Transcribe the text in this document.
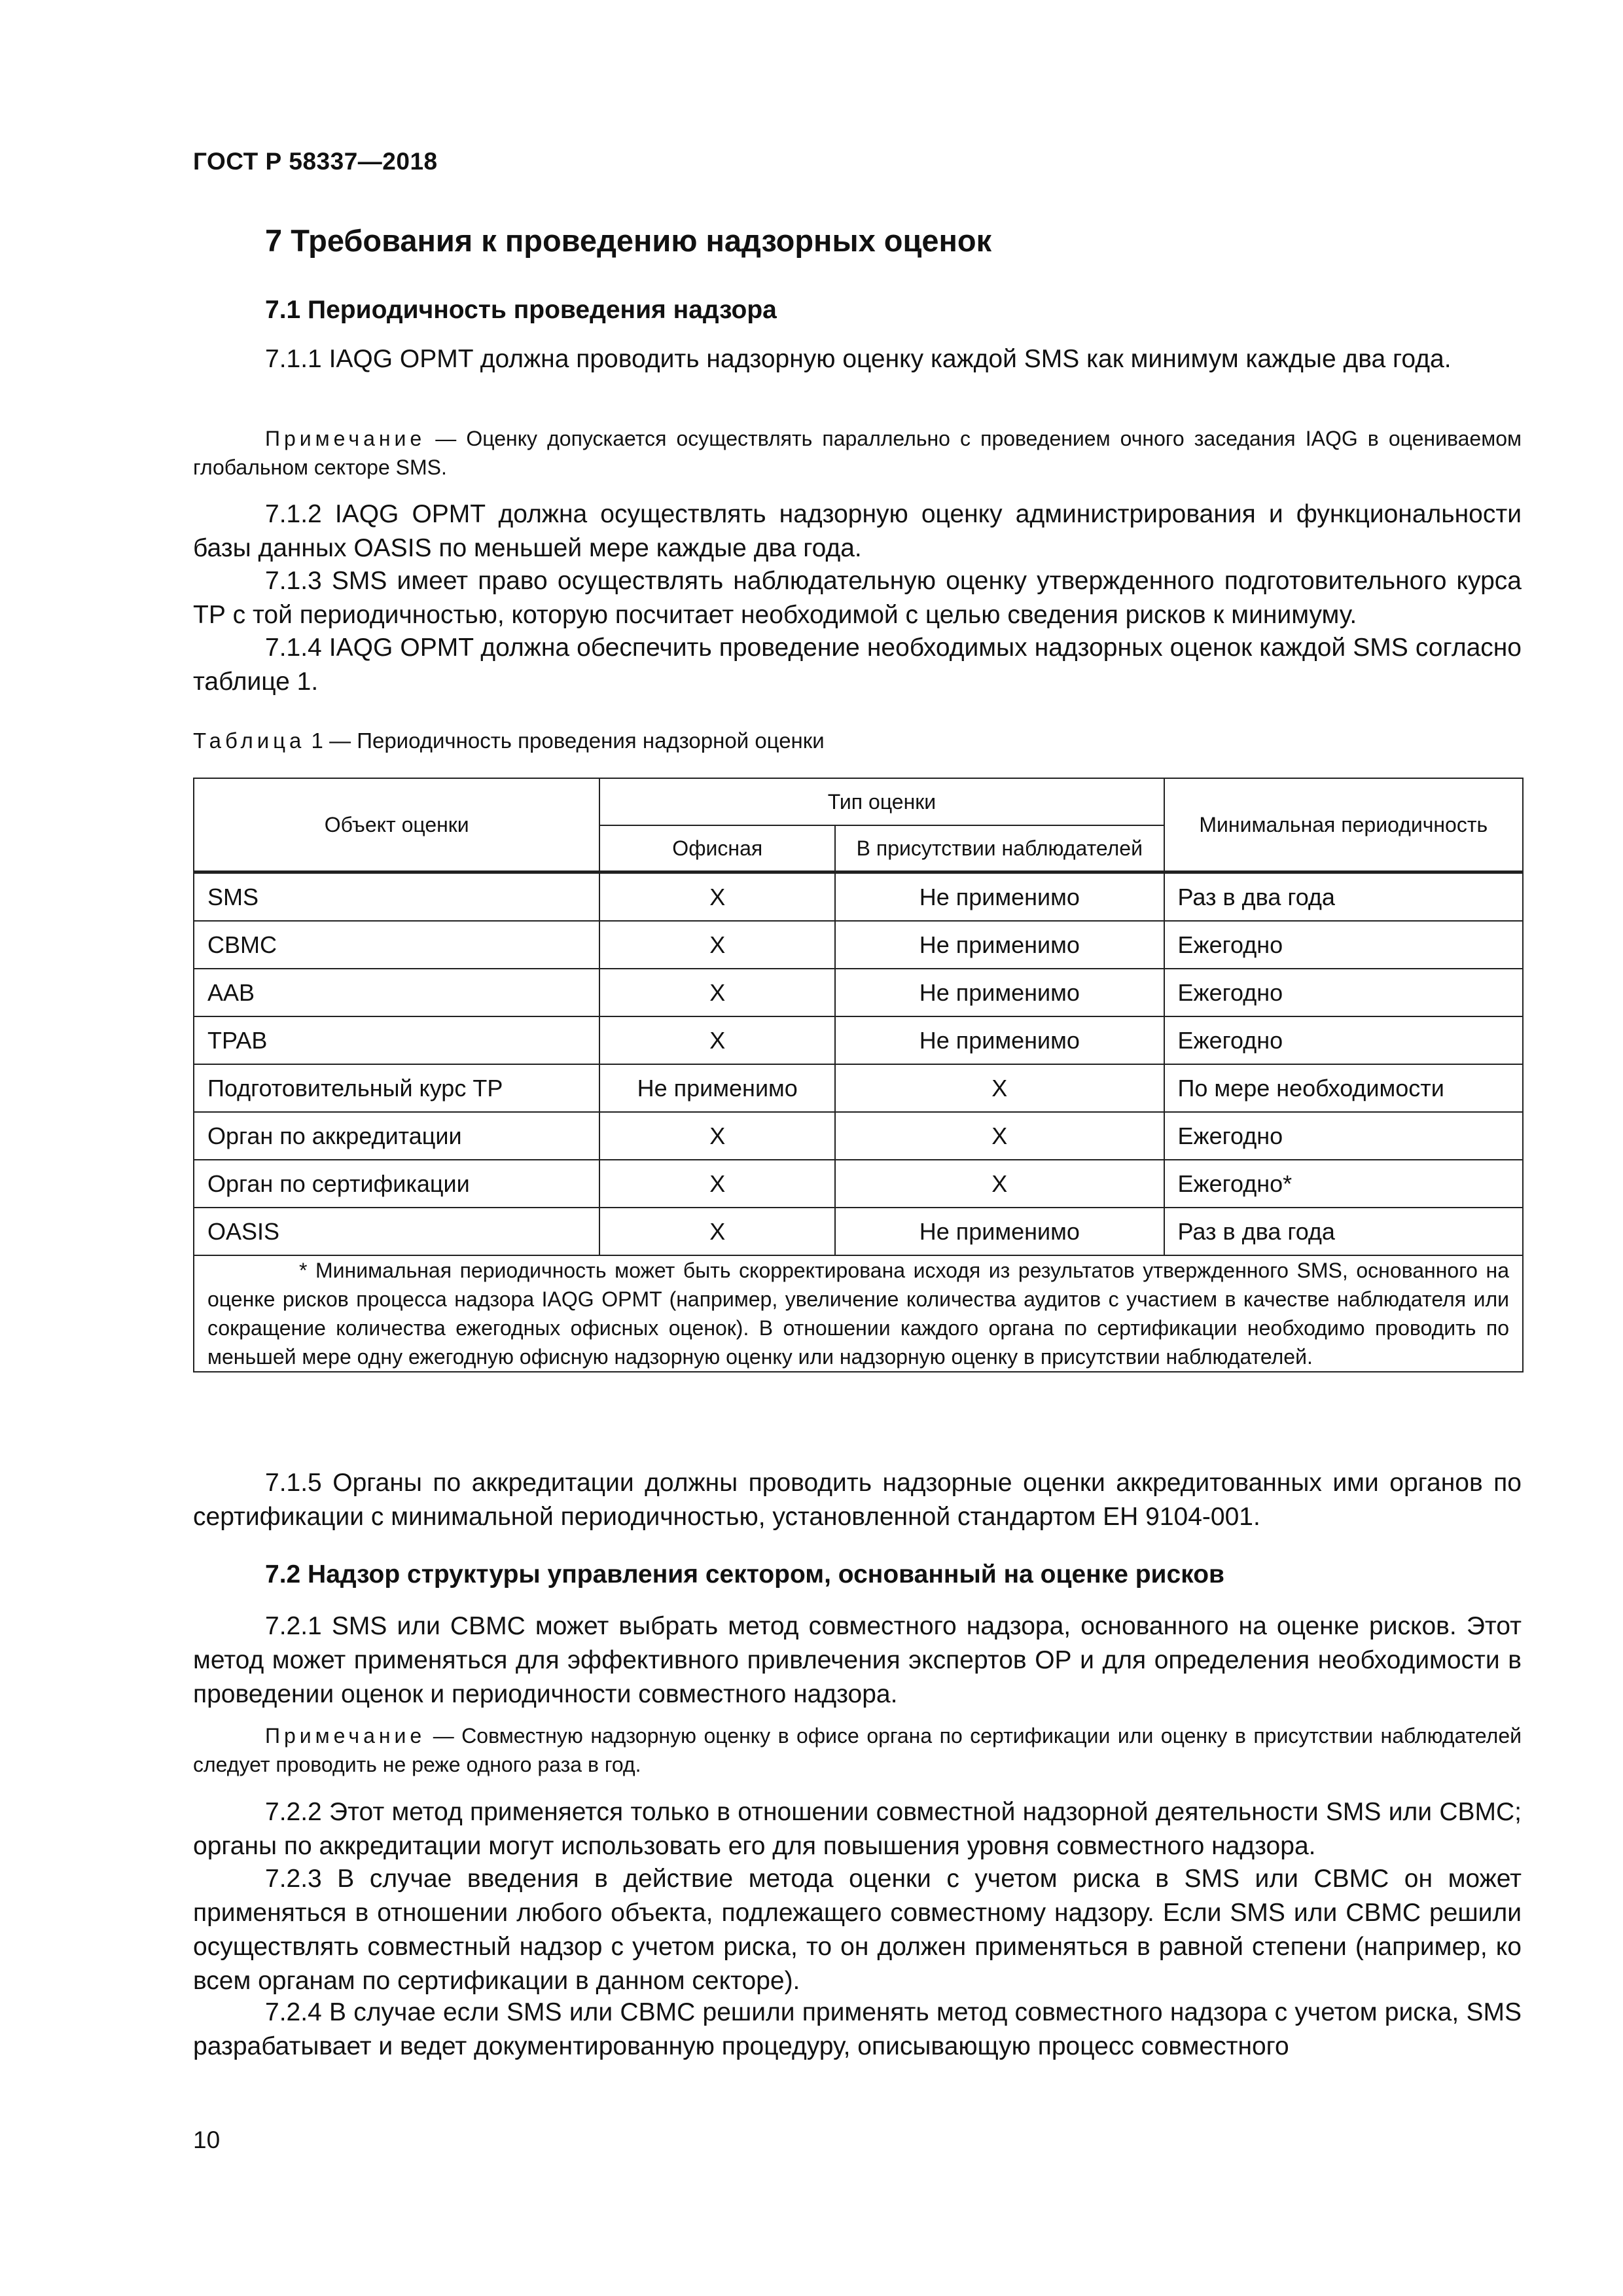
ГОСТ Р 58337—2018
7 Требования к проведению надзорных оценок
7.1 Периодичность проведения надзора
7.1.1 IAQG OPMT должна проводить надзорную оценку каждой SMS как минимум каждые два года.
Примечание — Оценку допускается осуществлять параллельно с проведением очного заседания IAQG в оцениваемом глобальном секторе SMS.
7.1.2 IAQG OPMT должна осуществлять надзорную оценку администрирования и функциональности базы данных OASIS по меньшей мере каждые два года.
7.1.3 SMS имеет право осуществлять наблюдательную оценку утвержденного подготовительного курса ТР с той периодичностью, которую посчитает необходимой с целью сведения рисков к минимуму.
7.1.4 IAQG OPMT должна обеспечить проведение необходимых надзорных оценок каждой SMS согласно таблице 1.
Таблица 1 — Периодичность проведения надзорной оценки
Объект оценки	Тип оценки		Минимальная периодичность
	Офисная	В присутствии наблюдателей	
SMS	X	Не применимо	Раз в два года
CBMC	X	Не применимо	Ежегодно
AAB	X	Не применимо	Ежегодно
TPAB	X	Не применимо	Ежегодно
Подготовительный курс ТР	Не применимо	X	По мере необходимости
Орган по аккредитации	X	X	Ежегодно
Орган по сертификации	X	X	Ежегодно*
OASIS	X	Не применимо	Раз в два года
* Минимальная периодичность может быть скорректирована исходя из результатов утвержденного SMS, основанного на оценке рисков процесса надзора IAQG OPMT (например, увеличение количества аудитов с участием в качестве наблюдателя или сокращение количества ежегодных офисных оценок). В отношении каждого органа по сертификации необходимо проводить по меньшей мере одну ежегодную офисную надзорную оценку или надзорную оценку в присутствии наблюдателей.			
7.1.5 Органы по аккредитации должны проводить надзорные оценки аккредитованных ими органов по сертификации с минимальной периодичностью, установленной стандартом ЕН 9104-001.
7.2 Надзор структуры управления сектором, основанный на оценке рисков
7.2.1 SMS или CBMC может выбрать метод совместного надзора, основанного на оценке рисков. Этот метод может применяться для эффективного привлечения экспертов ОР и для определения необходимости в проведении оценок и периодичности совместного надзора.
Примечание — Совместную надзорную оценку в офисе органа по сертификации или оценку в присутствии наблюдателей следует проводить не реже одного раза в год.
7.2.2 Этот метод применяется только в отношении совместной надзорной деятельности SMS или CBMC; органы по аккредитации могут использовать его для повышения уровня совместного надзора.
7.2.3 В случае введения в действие метода оценки с учетом риска в SMS или CBMC он может применяться в отношении любого объекта, подлежащего совместному надзору. Если SMS или CBMC решили осуществлять совместный надзор с учетом риска, то он должен применяться в равной степени (например, ко всем органам по сертификации в данном секторе).
7.2.4 В случае если SMS или CBMC решили применять метод совместного надзора с учетом риска, SMS разрабатывает и ведет документированную процедуру, описывающую процесс совместного
10
